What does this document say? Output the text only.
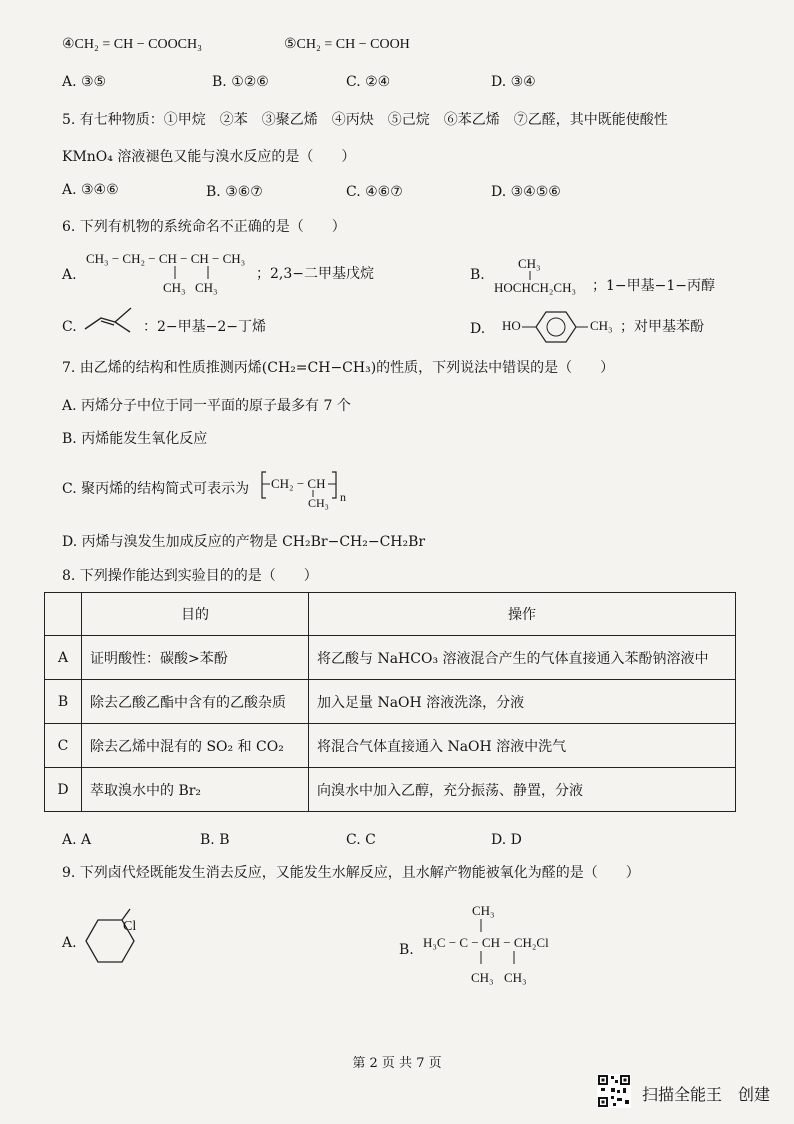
④CH₂ = CH − COOCH₃	⑤CH₂ = CH − COOH
A. ③⑤	B. ①②⑥	C. ②④	D. ③④
5. 有七种物质：①甲烷　②苯　③聚乙烯　④丙炔　⑤己烷　⑥苯乙烯　⑦乙醛，其中既能使酸性
KMnO₄ 溶液褪色又能与溴水反应的是（　　）
A. ③④⑥	B. ③⑥⑦	C. ④⑥⑦	D. ③④⑤⑥
6. 下列有机物的系统命名不正确的是（　　）
A.
CH₃ − CH₂ − CH − CH − CH₃
CH₃ CH₃
；2,3−二甲基戊烷	B.
CH₃
HOCHCH₂CH₃ ；1−甲基−1−丙醇
C.	：2−甲基−2−丁烯	D. HO	CH₃ ；对甲基苯酚
7. 由乙烯的结构和性质推测丙烯(CH₂=CH−CH₃)的性质，下列说法中错误的是（　　）
A. 丙烯分子中位于同一平面的原子最多有 7 个
B. 丙烯能发生氧化反应
C. 聚丙烯的结构简式可表示为 CH₂ − CH
CH₃ n
D. 丙烯与溴发生加成反应的产物是 CH₂Br−CH₂−CH₂Br
8. 下列操作能达到实验目的的是（　　）
	目的	操作
A	证明酸性：碳酸>苯酚	将乙酸与 NaHCO₃ 溶液混合产生的气体直接通入苯酚钠溶液中
B	除去乙酸乙酯中含有的乙酸杂质	加入足量 NaOH 溶液洗涤，分液
C	除去乙烯中混有的 SO₂ 和 CO₂	将混合气体直接通入 NaOH 溶液中洗气
D	萃取溴水中的 Br₂	向溴水中加入乙醇，充分振荡、静置，分液
A. A	B. B	C. C	D. D
9. 下列卤代烃既能发生消去反应，又能发生水解反应，且水解产物能被氧化为醛的是（　　）
A.
Cl
B.
CH₃
H₃C − C − CH − CH₂Cl
CH₃ CH₃
第 2 页 共 7 页
扫描全能王　创建
